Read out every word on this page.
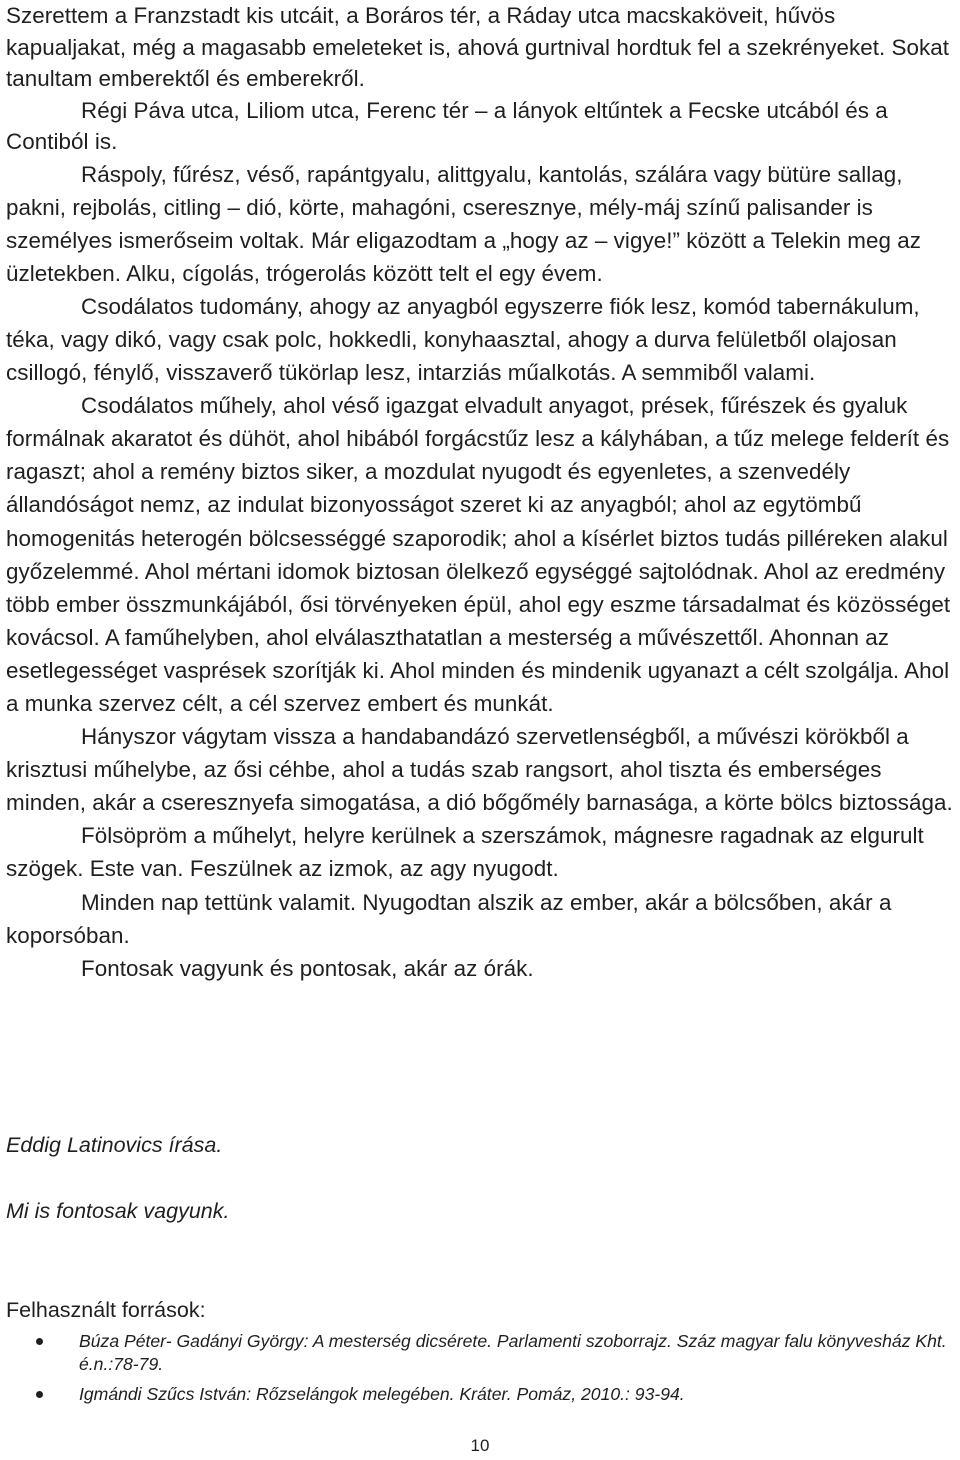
Szerettem a Franzstadt kis utcáit, a Boráros tér, a Ráday utca macskaköveit, hűvös kapualjakat, még a magasabb emeleteket is, ahová gurtnival hordtuk fel a szekrényeket. Sokat tanultam emberektől és emberekről.

Régi Páva utca, Liliom utca, Ferenc tér – a lányok eltűntek a Fecske utcából és a Contiból is.

Ráspoly, fűrész, véső, rapántgyalu, alittgyalu, kantolás, szálára vagy bütüre sallag, pakni, rejbolás, citling – dió, körte, mahagóni, cseresznye, mély-máj színű palisander is személyes ismerőseim voltak. Már eligazodtam a „hogy az – vigye!” között a Telekin meg az üzletekben. Alku, cígolás, trógerolás között telt el egy évem.

Csodálatos tudomány, ahogy az anyagból egyszerre fiók lesz, komód tabernákulum, téka, vagy dikó, vagy csak polc, hokkedli, konyhaasztal, ahogy a durva felületből olajosan csillogó, fénylő, visszaverő tükörlap lesz, intarziás műalkotás. A semmiből valami.

Csodálatos műhely, ahol véső igazgat elvadult anyagot, prések, fűrészek és gyaluk formálnak akaratot és dühöt, ahol hibából forgácstűz lesz a kályhában, a tűz melege felderít és ragaszt; ahol a remény biztos siker, a mozdulat nyugodt és egyenletes, a szenvedély állandóságot nemz, az indulat bizonyosságot szeret ki az anyagból; ahol az egytömbű homogenitás heterogén bölcsességgé szaporodik; ahol a kísérlet biztos tudás pilléreken alakul győzelemmé. Ahol mértani idomok biztosan ölelkező egységgé sajtolódnak. Ahol az eredmény több ember összmunkájából, ősi törvényeken épül, ahol egy eszme társadalmat és közösséget kovácsol. A faműhelyben, ahol elválaszthatatlan a mesterség a művészettől. Ahonnan az esetlegességet vasprések szorítják ki. Ahol minden és mindenik ugyanazt a célt szolgálja. Ahol a munka szervez célt, a cél szervez embert és munkát.

Hányszor vágytam vissza a handabandázó szervetlenségből, a művészi körökből a krisztusi műhelybe, az ősi céhbe, ahol a tudás szab rangsort, ahol tiszta és emberséges minden, akár a cseresznyefa simogatása, a dió bőgőmély barnasága, a körte bölcs biztossága.

Fölsöpröm a műhelyt, helyre kerülnek a szerszámok, mágnesre ragadnak az elgurult szögek. Este van. Feszülnek az izmok, az agy nyugodt.

Minden nap tettünk valamit. Nyugodtan alszik az ember, akár a bölcsőben, akár a koporsóban.

Fontosak vagyunk és pontosak, akár az órák.

Eddig Latinovics írása.

Mi is fontosak vagyunk.

Felhasznált források:

Búza Péter- Gadányi György: A mesterség dicsérete. Parlamenti szoborrajz. Száz magyar falu könyvesház Kht. é.n.:78-79.
Igmándi Szűcs István: Rőzselángok melegében. Kráter. Pomáz, 2010.: 93-94.
10
